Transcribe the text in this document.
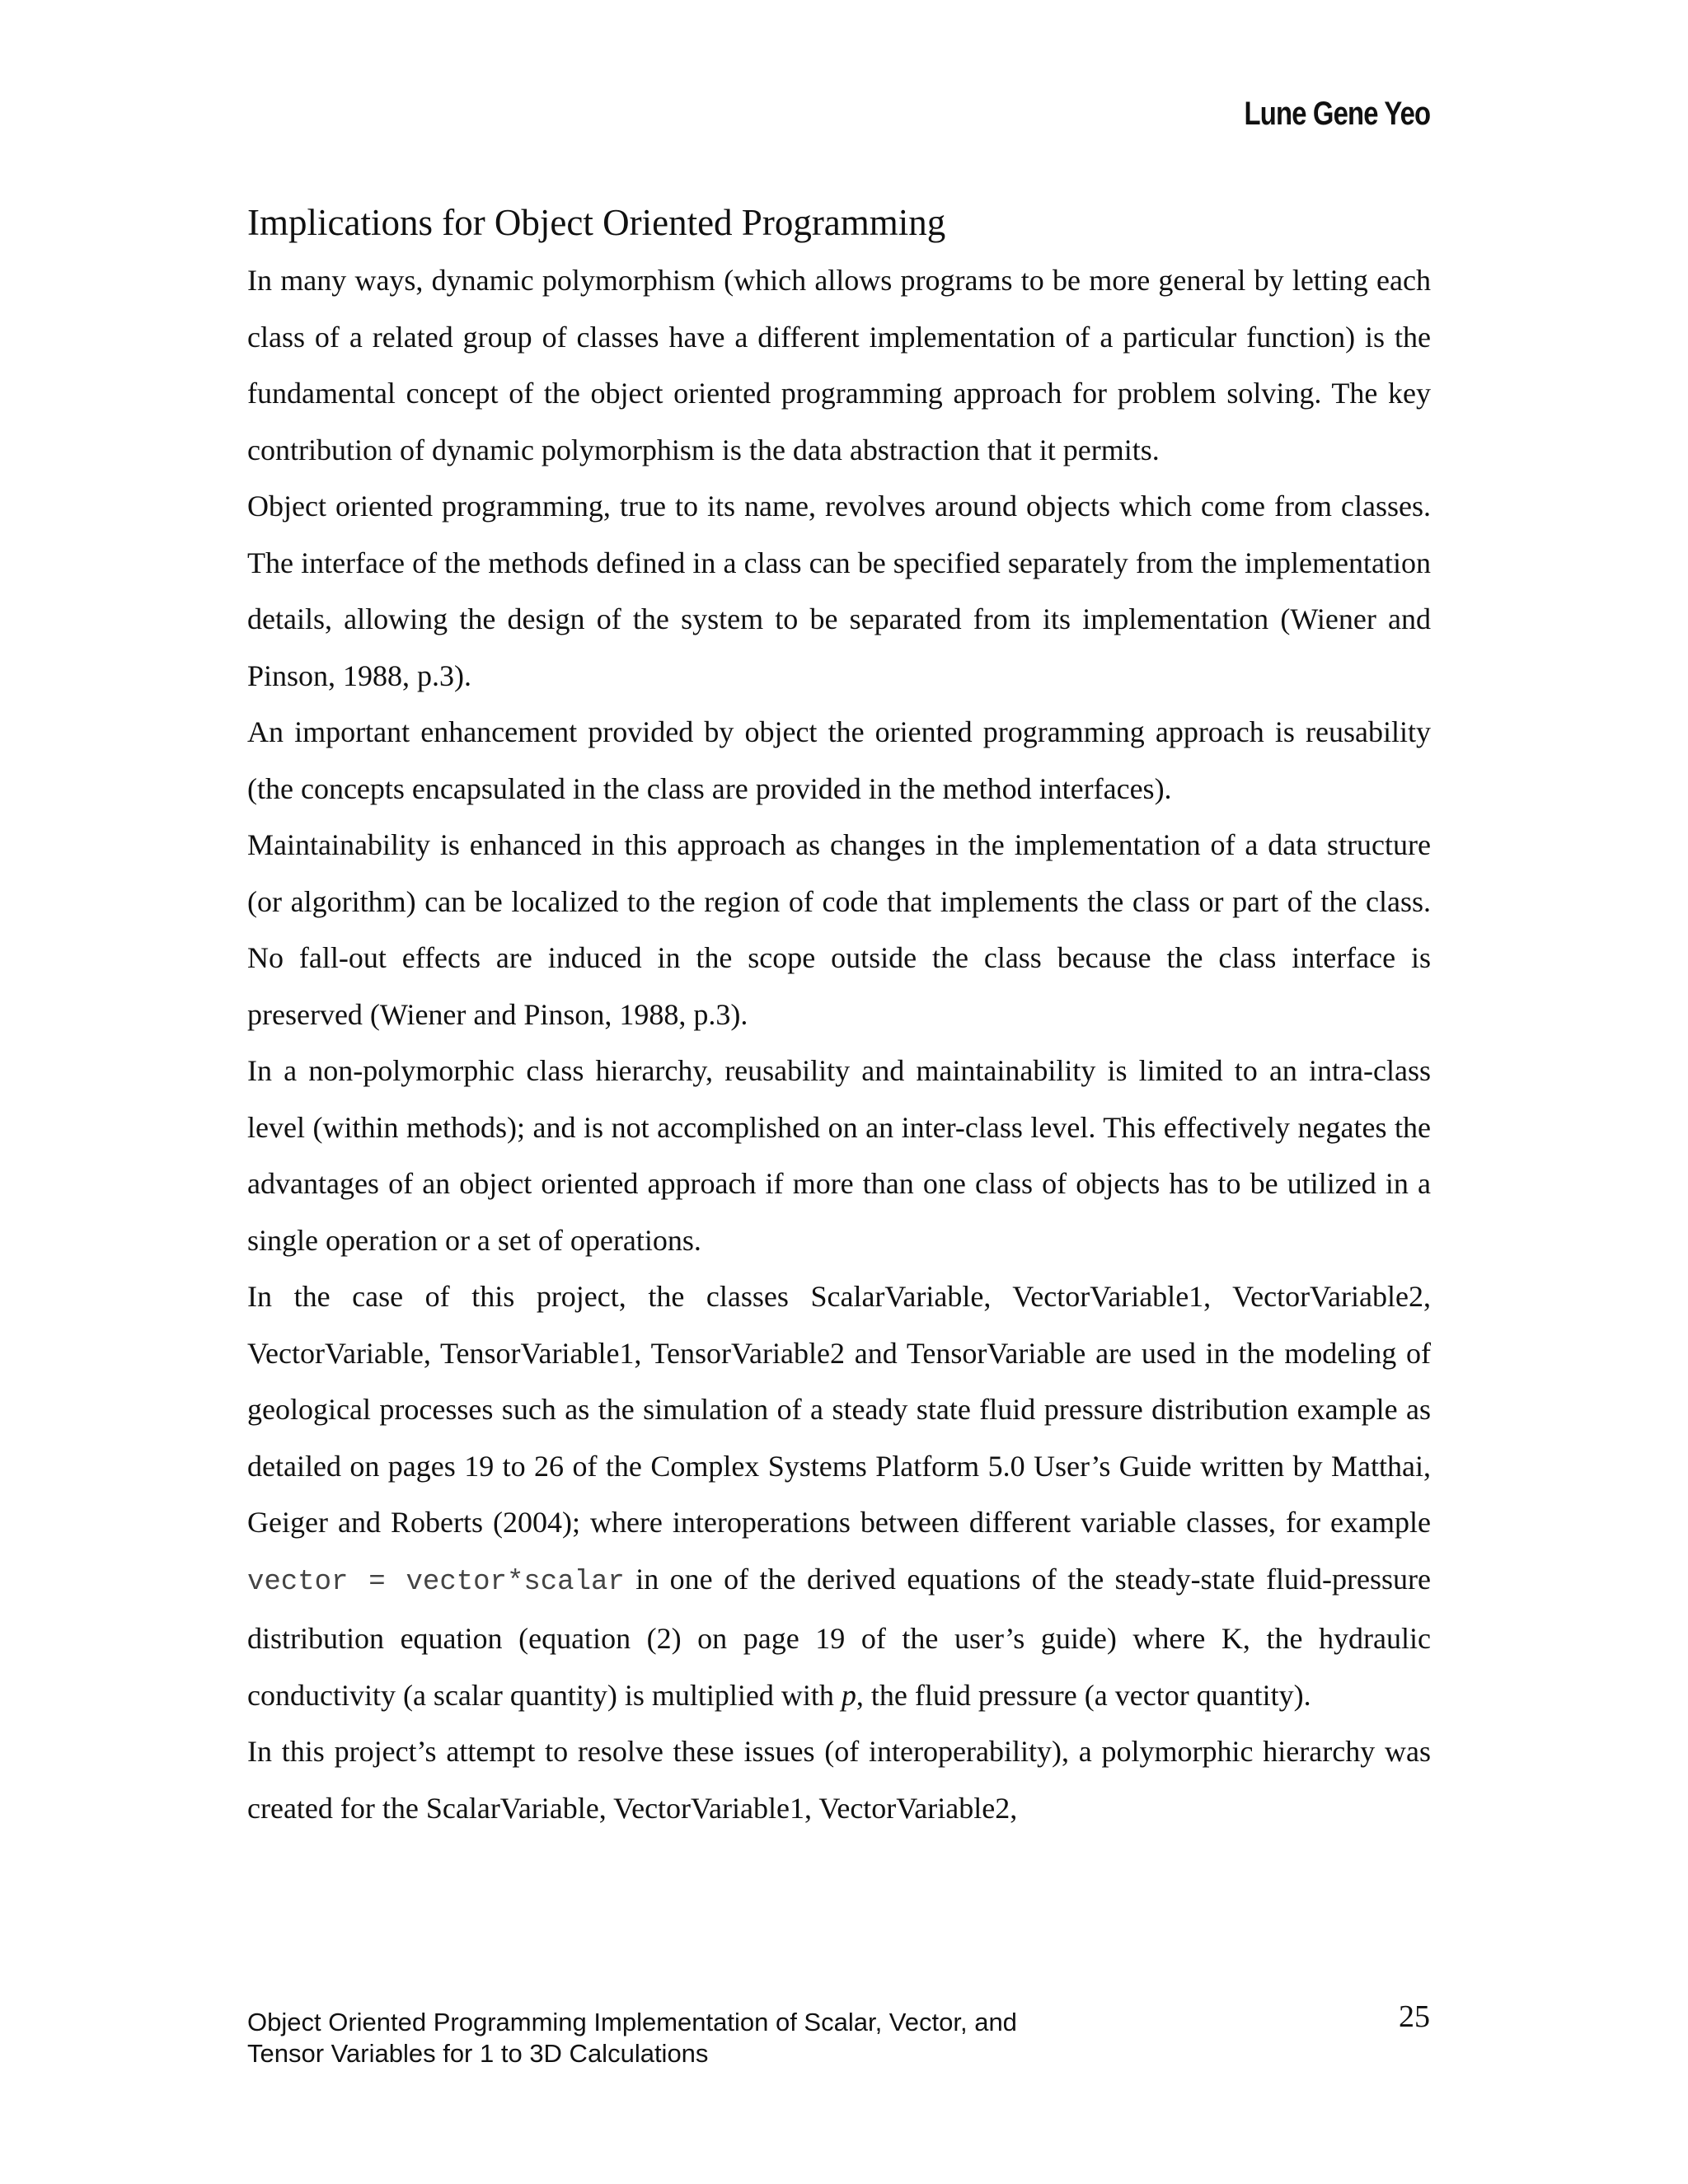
Lune Gene Yeo
Implications for Object Oriented Programming

In many ways, dynamic polymorphism (which allows programs to be more general by letting each class of a related group of classes have a different implementation of a particular function) is the fundamental concept of the object oriented programming approach for problem solving. The key contribution of dynamic polymorphism is the data abstraction that it permits.

Object oriented programming, true to its name, revolves around objects which come from classes. The interface of the methods defined in a class can be specified separately from the implementation details, allowing the design of the system to be separated from its implementation (Wiener and Pinson, 1988, p.3).

An important enhancement provided by object the oriented programming approach is reusability (the concepts encapsulated in the class are provided in the method interfaces).

Maintainability is enhanced in this approach as changes in the implementation of a data structure (or algorithm) can be localized to the region of code that implements the class or part of the class. No fall-out effects are induced in the scope outside the class because the class interface is preserved (Wiener and Pinson, 1988, p.3).

In a non-polymorphic class hierarchy, reusability and maintainability is limited to an intra-class level (within methods); and is not accomplished on an inter-class level. This effectively negates the advantages of an object oriented approach if more than one class of objects has to be utilized in a single operation or a set of operations.

In the case of this project, the classes ScalarVariable, VectorVariable1, VectorVariable2, VectorVariable, TensorVariable1, TensorVariable2 and TensorVariable are used in the modeling of geological processes such as the simulation of a steady state fluid pressure distribution example as detailed on pages 19 to 26 of the Complex Systems Platform 5.0 User’s Guide written by Matthai, Geiger and Roberts (2004); where interoperations between different variable classes, for example vector = vector*scalar in one of the derived equations of the steady-state fluid-pressure distribution equation (equation (2) on page 19 of the user’s guide) where K, the hydraulic conductivity (a scalar quantity) is multiplied with p, the fluid pressure (a vector quantity).

In this project’s attempt to resolve these issues (of interoperability), a polymorphic hierarchy was created for the ScalarVariable, VectorVariable1, VectorVariable2,

Object Oriented Programming Implementation of Scalar, Vector, and
Tensor Variables for 1 to 3D Calculations
25
